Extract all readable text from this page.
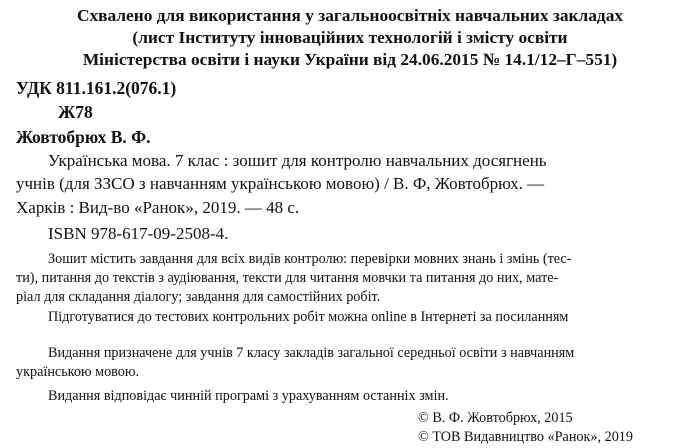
Схвалено для використання у загальноосвітніх навчальних закладах
(лист Інституту інноваційних технологій і змісту освіти
Міністерства освіти і науки України від 24.06.2015 № 14.1/12–Г–551)
УДК 811.161.2(076.1)
Ж78
Жовтобрюх В. Ф.
Українська мова. 7 клас : зошит для контролю навчальних досягнень
учнів (для ЗЗСО з навчанням українською мовою) / В. Ф, Жовтобрюх. —
Харків : Вид-во «Ранок», 2019. — 48 с.
ISBN 978-617-09-2508-4.
Зошит містить завдання для всіх видів контролю: перевірки мовних знань і змінь (тес-
ти), питання до текстів з аудіювання, тексти для читання мовчки та питання до них, мате-
ріал для складання діалогу; завдання для самостійних робіт.
Підготуватися до тестових контрольних робіт можна online в Інтернеті за посиланням
Видання призначене для учнів 7 класу закладів загальної середньої освіти з навчанням
українською мовою.
Видання відповідає чинній програмі з урахуванням останніх змін.
© В. Ф. Жовтобрюх, 2015
© ТОВ Видавництво «Ранок», 2019
